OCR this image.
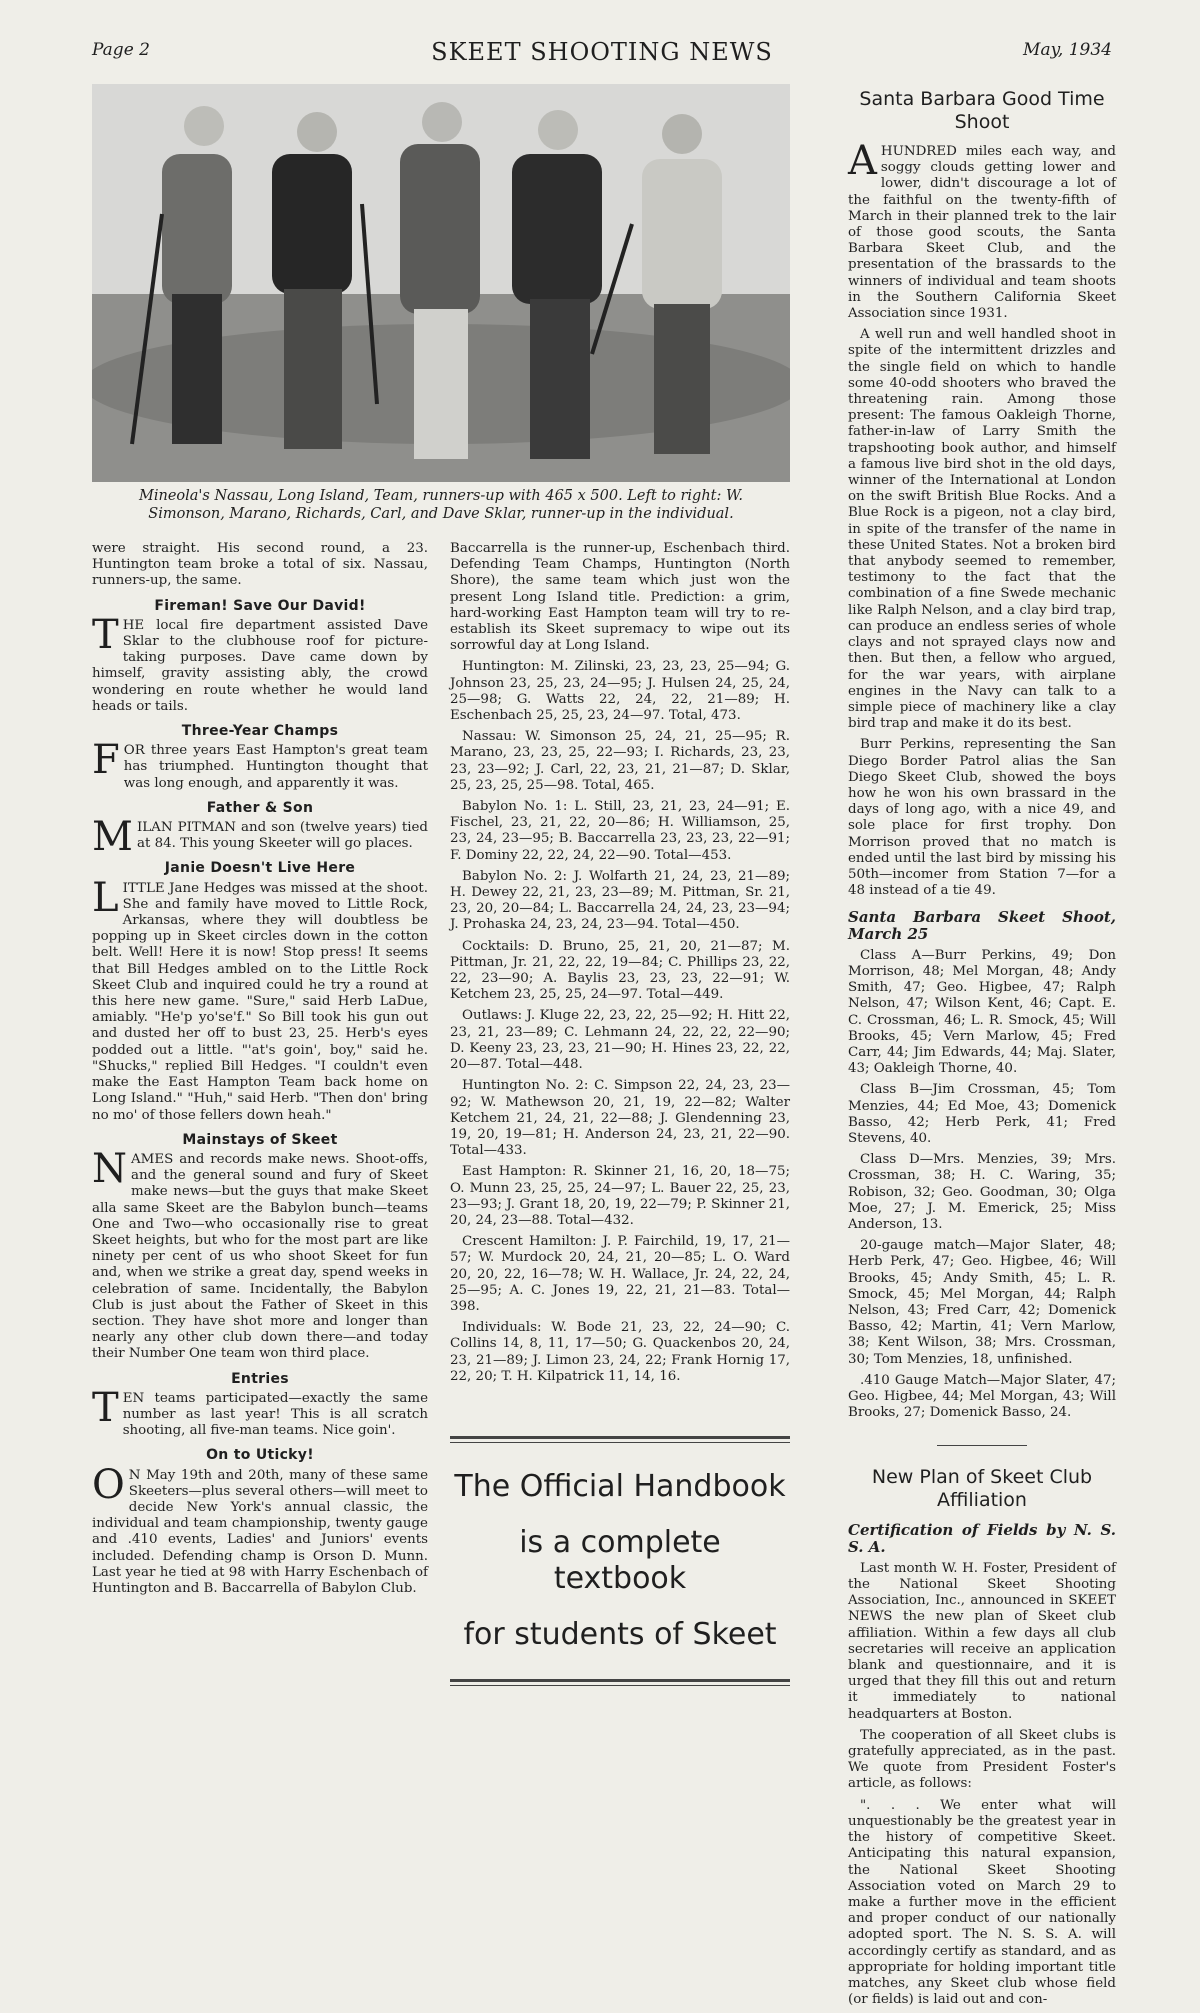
Page 2	SKEET SHOOTING NEWS	May, 1934
Mineola's Nassau, Long Island, Team, runners-up with 465 x 500. Left to right: W.
Simonson, Marano, Richards, Carl, and Dave Sklar, runner-up in the individual.

were straight. His second round, a 23. Huntington team broke a total of six. Nassau, runners-up, the same.

Fireman! Save Our David!

THE local fire department assisted Dave Sklar to the clubhouse roof for picture-taking purposes. Dave came down by himself, gravity assisting ably, the crowd wondering en route whether he would land heads or tails.

Three-Year Champs

FOR three years East Hampton's great team has triumphed. Huntington thought that was long enough, and apparently it was.

Father & Son

MILAN PITMAN and son (twelve years) tied at 84. This young Skeeter will go places.

Janie Doesn't Live Here

LITTLE Jane Hedges was missed at the shoot. She and family have moved to Little Rock, Arkansas, where they will doubtless be popping up in Skeet circles down in the cotton belt. Well! Here it is now! Stop press! It seems that Bill Hedges ambled on to the Little Rock Skeet Club and inquired could he try a round at this here new game. "Sure," said Herb LaDue, amiably. "He'p yo'se'f." So Bill took his gun out and dusted her off to bust 23, 25. Herb's eyes podded out a little. "'at's goin', boy," said he. "Shucks," replied Bill Hedges. "I couldn't even make the East Hampton Team back home on Long Island." "Huh," said Herb. "Then don' bring no mo' of those fellers down heah."

Mainstays of Skeet

NAMES and records make news. Shoot-offs, and the general sound and fury of Skeet make news—but the guys that make Skeet alla same Skeet are the Babylon bunch—teams One and Two—who occasionally rise to great Skeet heights, but who for the most part are like ninety per cent of us who shoot Skeet for fun and, when we strike a great day, spend weeks in celebration of same. Incidentally, the Babylon Club is just about the Father of Skeet in this section. They have shot more and longer than nearly any other club down there—and today their Number One team won third place.

Entries

TEN teams participated—exactly the same number as last year! This is all scratch shooting, all five-man teams. Nice goin'.

On to Uticky!

O N May 19th and 20th, many of these same Skeeters—plus several others—will meet to decide New York's annual classic, the individual and team championship, twenty gauge and .410 events, Ladies' and Juniors' events included. Defending champ is Orson D. Munn. Last year he tied at 98 with Harry Eschenbach of Huntington and B. Baccarrella of Babylon Club.

Baccarrella is the runner-up, Eschenbach third. Defending Team Champs, Huntington (North Shore), the same team which just won the present Long Island title. Prediction: a grim, hard-working East Hampton team will try to re-establish its Skeet supremacy to wipe out its sorrowful day at Long Island.

Huntington: M. Zilinski, 23, 23, 23, 25—94; G. Johnson 23, 25, 23, 24—95; J. Hulsen 24, 25, 24, 25—98; G. Watts 22, 24, 22, 21—89; H. Eschenbach 25, 25, 23, 24—97. Total, 473.

Nassau: W. Simonson 25, 24, 21, 25—95; R. Marano, 23, 23, 25, 22—93; I. Richards, 23, 23, 23, 23—92; J. Carl, 22, 23, 21, 21—87; D. Sklar, 25, 23, 25, 25—98. Total, 465.

Babylon No. 1: L. Still, 23, 21, 23, 24—91; E. Fischel, 23, 21, 22, 20—86; H. Williamson, 25, 23, 24, 23—95; B. Baccarrella 23, 23, 23, 22—91; F. Dominy 22, 22, 24, 22—90. Total—453.

Babylon No. 2: J. Wolfarth 21, 24, 23, 21—89; H. Dewey 22, 21, 23, 23—89; M. Pittman, Sr. 21, 23, 20, 20—84; L. Baccarrella 24, 24, 23, 23—94; J. Prohaska 24, 23, 24, 23—94. Total—450.

Cocktails: D. Bruno, 25, 21, 20, 21—87; M. Pittman, Jr. 21, 22, 22, 19—84; C. Phillips 23, 22, 22, 23—90; A. Baylis 23, 23, 23, 22—91; W. Ketchem 23, 25, 25, 24—97. Total—449.

Outlaws: J. Kluge 22, 23, 22, 25—92; H. Hitt 22, 23, 21, 23—89; C. Lehmann 24, 22, 22, 22—90; D. Keeny 23, 23, 23, 21—90; H. Hines 23, 22, 22, 20—87. Total—448.

Huntington No. 2: C. Simpson 22, 24, 23, 23—92; W. Mathewson 20, 21, 19, 22—82; Walter Ketchem 21, 24, 21, 22—88; J. Glendenning 23, 19, 20, 19—81; H. Anderson 24, 23, 21, 22—90. Total—433.

East Hampton: R. Skinner 21, 16, 20, 18—75; O. Munn 23, 25, 25, 24—97; L. Bauer 22, 25, 23, 23—93; J. Grant 18, 20, 19, 22—79; P. Skinner 21, 20, 24, 23—88. Total—432.

Crescent Hamilton: J. P. Fairchild, 19, 17, 21—57; W. Murdock 20, 24, 21, 20—85; L. O. Ward 20, 20, 22, 16—78; W. H. Wallace, Jr. 24, 22, 24, 25—95; A. C. Jones 19, 22, 21, 21—83. Total—398.

Individuals: W. Bode 21, 23, 22, 24—90; C. Collins 14, 8, 11, 17—50; G. Quackenbos 20, 24, 23, 21—89; J. Limon 23, 24, 22; Frank Hornig 17, 22, 20; T. H. Kilpatrick 11, 14, 16.

The Official Handbook
is a complete textbook
for students of Skeet
Santa Barbara Good Time Shoot

AHUNDRED miles each way, and soggy clouds getting lower and lower, didn't discourage a lot of the faithful on the twenty-fifth of March in their planned trek to the lair of those good scouts, the Santa Barbara Skeet Club, and the presentation of the brassards to the winners of individual and team shoots in the Southern California Skeet Association since 1931.

A well run and well handled shoot in spite of the intermittent drizzles and the single field on which to handle some 40-odd shooters who braved the threatening rain. Among those present: The famous Oakleigh Thorne, father-in-law of Larry Smith the trapshooting book author, and himself a famous live bird shot in the old days, winner of the International at London on the swift British Blue Rocks. And a Blue Rock is a pigeon, not a clay bird, in spite of the transfer of the name in these United States. Not a broken bird that anybody seemed to remember, testimony to the fact that the combination of a fine Swede mechanic like Ralph Nelson, and a clay bird trap, can produce an endless series of whole clays and not sprayed clays now and then. But then, a fellow who argued, for the war years, with airplane engines in the Navy can talk to a simple piece of machinery like a clay bird trap and make it do its best.

Burr Perkins, representing the San Diego Border Patrol alias the San Diego Skeet Club, showed the boys how he won his own brassard in the days of long ago, with a nice 49, and sole place for first trophy. Don Morrison proved that no match is ended until the last bird by missing his 50th—incomer from Station 7—for a 48 instead of a tie 49.

Santa Barbara Skeet Shoot, March 25

Class A—Burr Perkins, 49; Don Morrison, 48; Mel Morgan, 48; Andy Smith, 47; Geo. Higbee, 47; Ralph Nelson, 47; Wilson Kent, 46; Capt. E. C. Crossman, 46; L. R. Smock, 45; Will Brooks, 45; Vern Marlow, 45; Fred Carr, 44; Jim Edwards, 44; Maj. Slater, 43; Oakleigh Thorne, 40.

Class B—Jim Crossman, 45; Tom Menzies, 44; Ed Moe, 43; Domenick Basso, 42; Herb Perk, 41; Fred Stevens, 40.

Class D—Mrs. Menzies, 39; Mrs. Crossman, 38; H. C. Waring, 35; Robison, 32; Geo. Goodman, 30; Olga Moe, 27; J. M. Emerick, 25; Miss Anderson, 13.

20-gauge match—Major Slater, 48; Herb Perk, 47; Geo. Higbee, 46; Will Brooks, 45; Andy Smith, 45; L. R. Smock, 45; Mel Morgan, 44; Ralph Nelson, 43; Fred Carr, 42; Domenick Basso, 42; Martin, 41; Vern Marlow, 38; Kent Wilson, 38; Mrs. Crossman, 30; Tom Menzies, 18, unfinished.

.410 Gauge Match—Major Slater, 47; Geo. Higbee, 44; Mel Morgan, 43; Will Brooks, 27; Domenick Basso, 24.

New Plan of Skeet Club Affiliation
Certification of Fields by N. S. S. A.

Last month W. H. Foster, President of the National Skeet Shooting Association, Inc., announced in SKEET NEWS the new plan of Skeet club affiliation. Within a few days all club secretaries will receive an application blank and questionnaire, and it is urged that they fill this out and return it immediately to national headquarters at Boston.

The cooperation of all Skeet clubs is gratefully appreciated, as in the past. We quote from President Foster's article, as follows:

". . . We enter what will unquestionably be the greatest year in the history of competitive Skeet. Anticipating this natural expansion, the National Skeet Shooting Association voted on March 29 to make a further move in the efficient and proper conduct of our nationally adopted sport. The N. S. S. A. will accordingly certify as standard, and as appropriate for holding important title matches, any Skeet club whose field (or fields) is laid out and con-
